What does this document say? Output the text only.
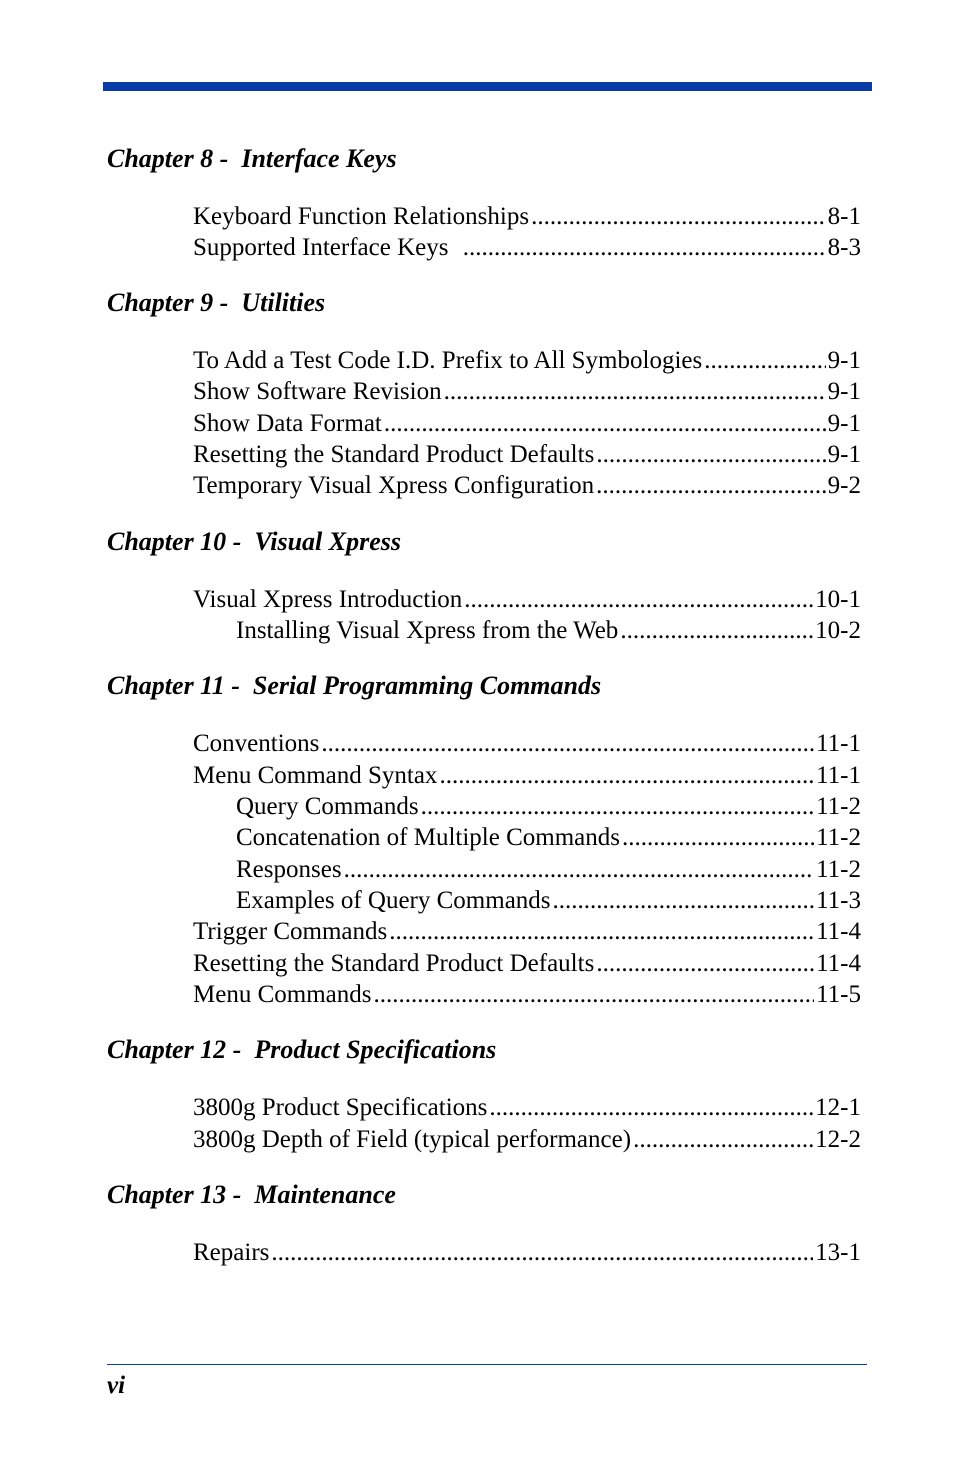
Chapter 8 -  Interface Keys
Keyboard Function Relationships .....	8-1
Supported Interface Keys .....	8-3
Chapter 9 -  Utilities
To Add a Test Code I.D. Prefix to All Symbologies .....	9-1
Show Software Revision .....	9-1
Show Data Format .....	9-1
Resetting the Standard Product Defaults .....	9-1
Temporary Visual Xpress Configuration .....	9-2
Chapter 10 -  Visual Xpress
Visual Xpress Introduction .....	10-1
Installing Visual Xpress from the Web .....	10-2
Chapter 11 -  Serial Programming Commands
Conventions .....	11-1
Menu Command Syntax .....	11-1
Query Commands .....	11-2
Concatenation of Multiple Commands .....	11-2
Responses .....	11-2
Examples of Query Commands .....	11-3
Trigger Commands .....	11-4
Resetting the Standard Product Defaults .....	11-4
Menu Commands .....	11-5
Chapter 12 -  Product Specifications
3800g Product Specifications .....	12-1
3800g Depth of Field (typical performance) .....	12-2
Chapter 13 -  Maintenance
Repairs .....	13-1
vi
